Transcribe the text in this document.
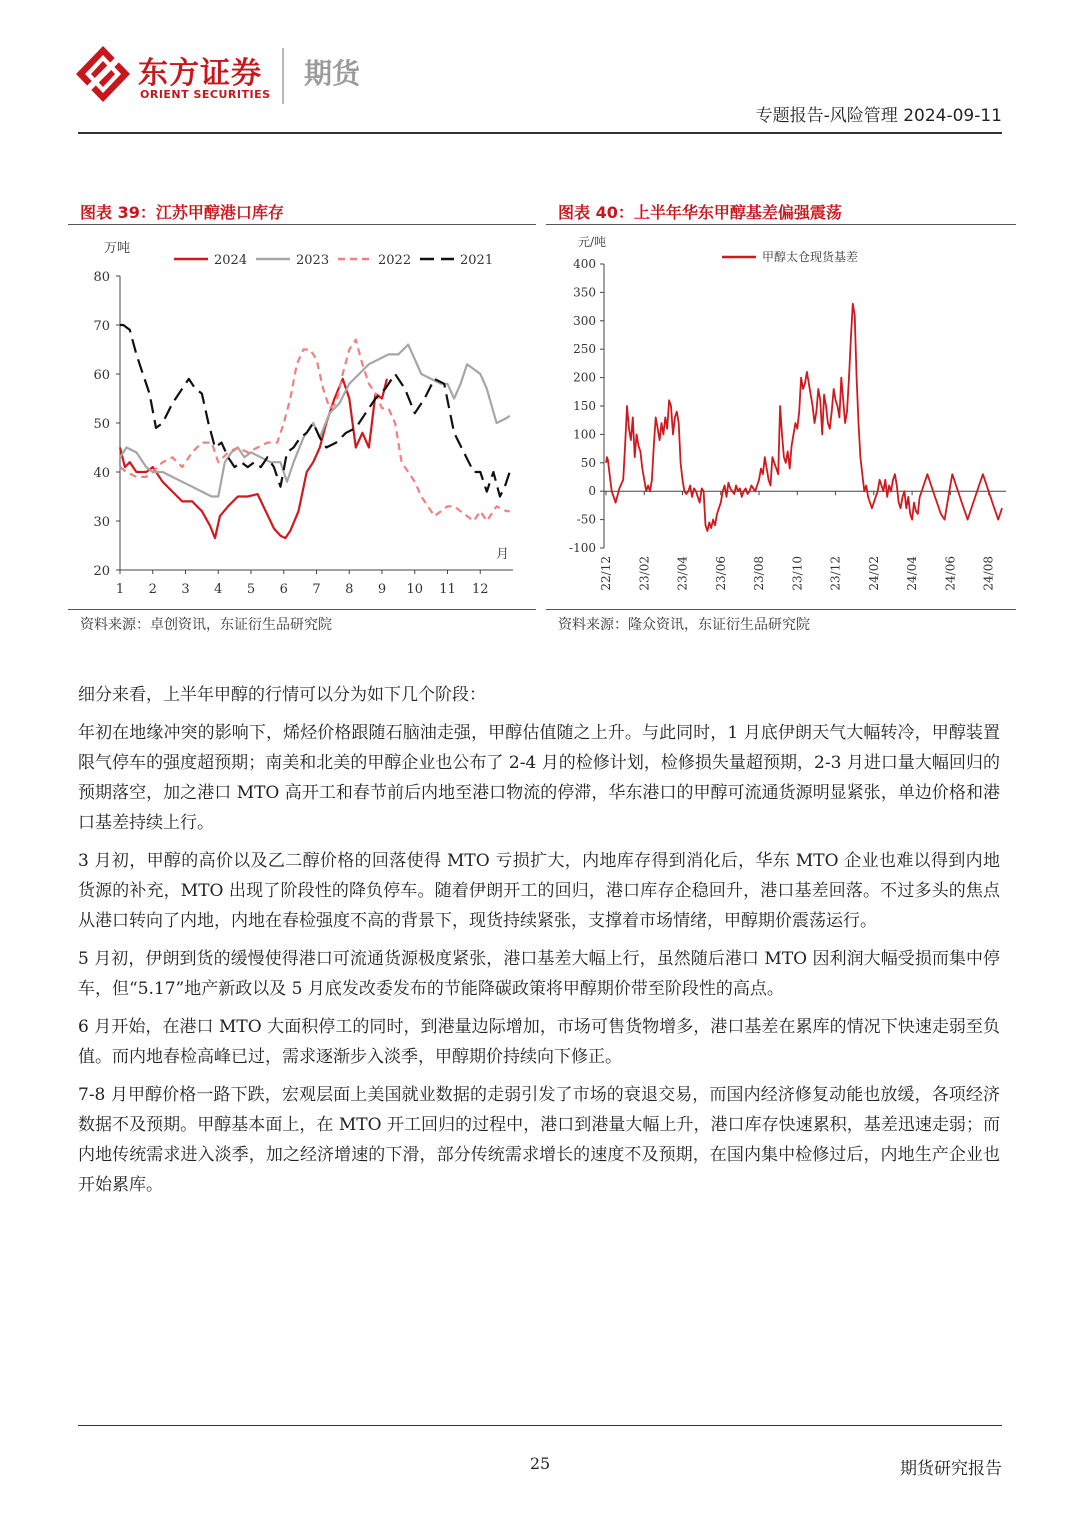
东方证券
ORIENT SECURITIES
期货
专题报告-风险管理 2024-09-11
图表 39：江苏甲醇港口库存
20
30
40
50
60
70
80
1 2 3 4 5 6 7 8 9 10 11 12
万吨
月
2024	2023	2022	2021
资料来源：卓创资讯，东证衍生品研究院
图表 40：上半年华东甲醇基差偏强震荡
400
350
300
250
200
150
100
50
0
-50
-100
22/12 23/02 23/04 23/06 23/08 23/10 23/12 24/02 24/04 24/06 24/08
元/吨
甲醇太仓现货基差
资料来源：隆众资讯，东证衍生品研究院

细分来看，上半年甲醇的行情可以分为如下几个阶段：

年初在地缘冲突的影响下，烯烃价格跟随石脑油走强，甲醇估值随之上升。与此同时，1 月底伊朗天气大幅转冷，甲醇装置限气停车的强度超预期；南美和北美的甲醇企业也公布了 2-4 月的检修计划，检修损失量超预期，2-3 月进口量大幅回归的预期落空，加之港口 MTO 高开工和春节前后内地至港口物流的停滞，华东港口的甲醇可流通货源明显紧张，单边价格和港口基差持续上行。

3 月初，甲醇的高价以及乙二醇价格的回落使得 MTO 亏损扩大，内地库存得到消化后，华东 MTO 企业也难以得到内地货源的补充，MTO 出现了阶段性的降负停车。随着伊朗开工的回归，港口库存企稳回升，港口基差回落。不过多头的焦点从港口转向了内地，内地在春检强度不高的背景下，现货持续紧张，支撑着市场情绪，甲醇期价震荡运行。

5 月初，伊朗到货的缓慢使得港口可流通货源极度紧张，港口基差大幅上行，虽然随后港口 MTO 因利润大幅受损而集中停车，但“5.17”地产新政以及 5 月底发改委发布的节能降碳政策将甲醇期价带至阶段性的高点。

6 月开始，在港口 MTO 大面积停工的同时，到港量边际增加，市场可售货物增多，港口基差在累库的情况下快速走弱至负值。而内地春检高峰已过，需求逐渐步入淡季，甲醇期价持续向下修正。

7-8 月甲醇价格一路下跌，宏观层面上美国就业数据的走弱引发了市场的衰退交易，而国内经济修复动能也放缓，各项经济数据不及预期。甲醇基本面上，在 MTO 开工回归的过程中，港口到港量大幅上升，港口库存快速累积，基差迅速走弱；而内地传统需求进入淡季，加之经济增速的下滑，部分传统需求增长的速度不及预期，在国内集中检修过后，内地生产企业也开始累库。

25	期货研究报告
